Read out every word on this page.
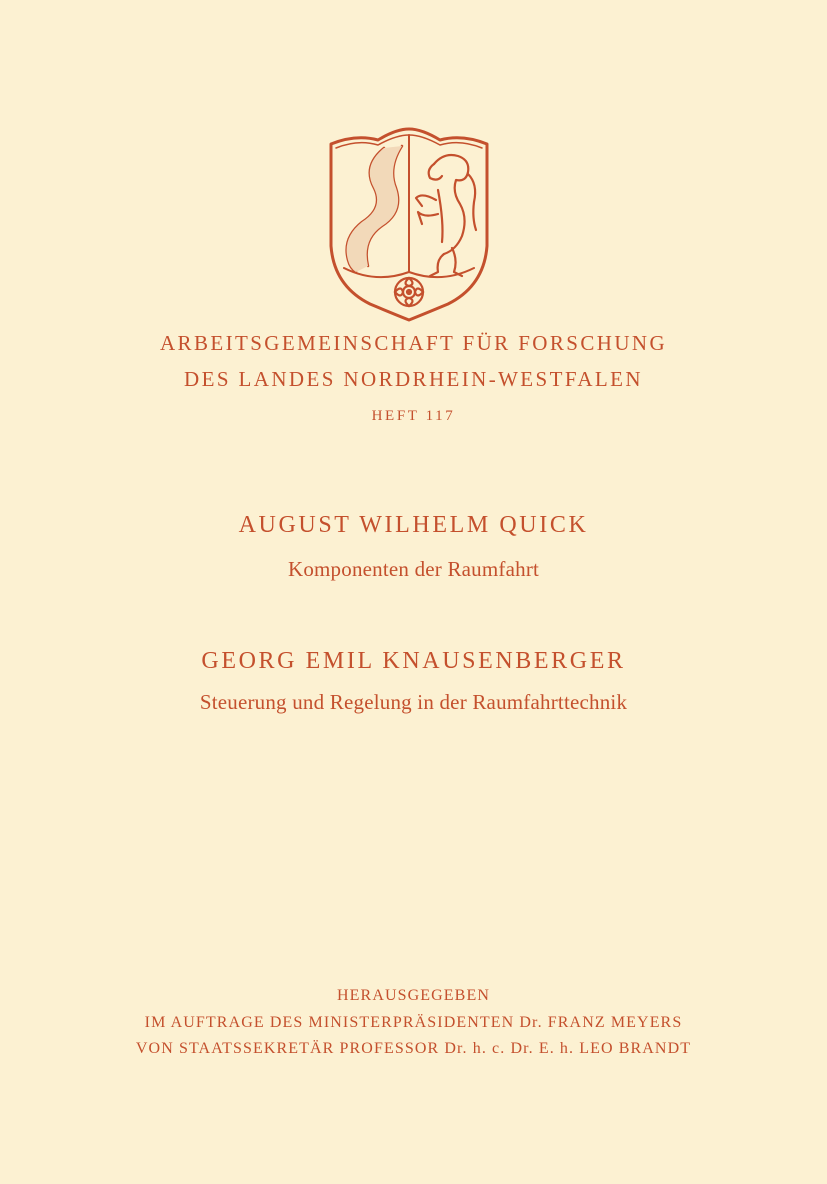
ARBEITSGEMEINSCHAFT FÜR FORSCHUNG
DES LANDES NORDRHEIN-WESTFALEN
HEFT 117
AUGUST WILHELM QUICK
Komponenten der Raumfahrt
GEORG EMIL KNAUSENBERGER
Steuerung und Regelung in der Raumfahrttechnik
HERAUSGEGEBEN
IM AUFTRAGE DES MINISTERPRÄSIDENTEN Dr. FRANZ MEYERS
VON STAATSSEKRETÄR PROFESSOR Dr. h. c. Dr. E. h. LEO BRANDT
